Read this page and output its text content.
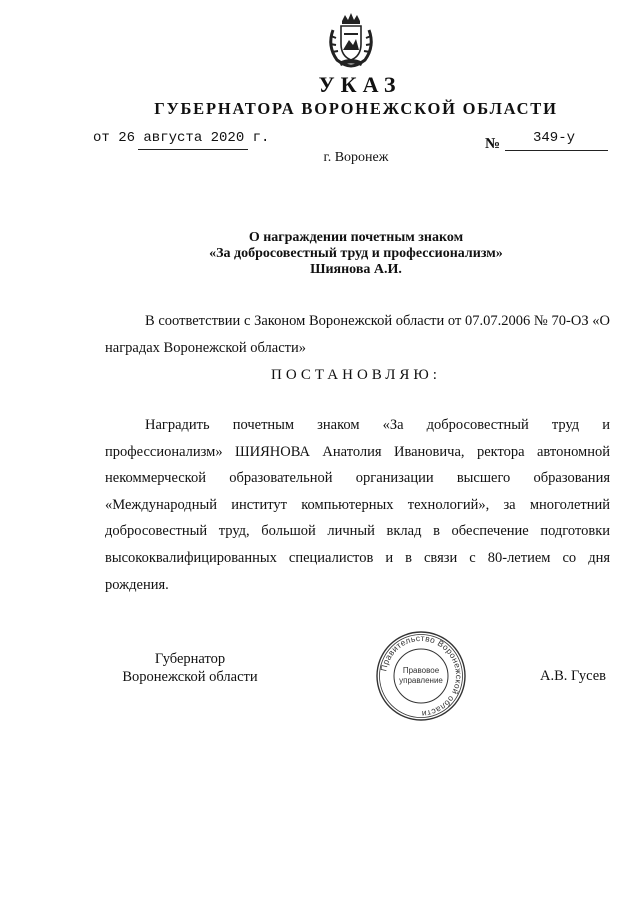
УКАЗ
ГУБЕРНАТОРА ВОРОНЕЖСКОЙ ОБЛАСТИ
от 26 августа 2020 г.	№ 349-у
г. Воронеж
О награждении почетным знаком
«За добросовестный труд и профессионализм»
Шиянова А.И.

В соответствии с Законом Воронежской области от 07.07.2006 № 70-ОЗ «О наградах Воронежской области»

ПОСТАНОВЛЯЮ:

Наградить почетным знаком «За добросовестный труд и профессионализм» ШИЯНОВА Анатолия Ивановича, ректора автономной некоммерческой образовательной организации высшего образования «Международный институт компьютерных технологий», за многолетний добросовестный труд, большой личный вклад в обеспечение подготовки высококвалифицированных специалистов и в связи с 80-летием со дня рождения.

Губернатор
Воронежской области	А.В. Гусев
Правительство Воронежской области
Правовое
управление
